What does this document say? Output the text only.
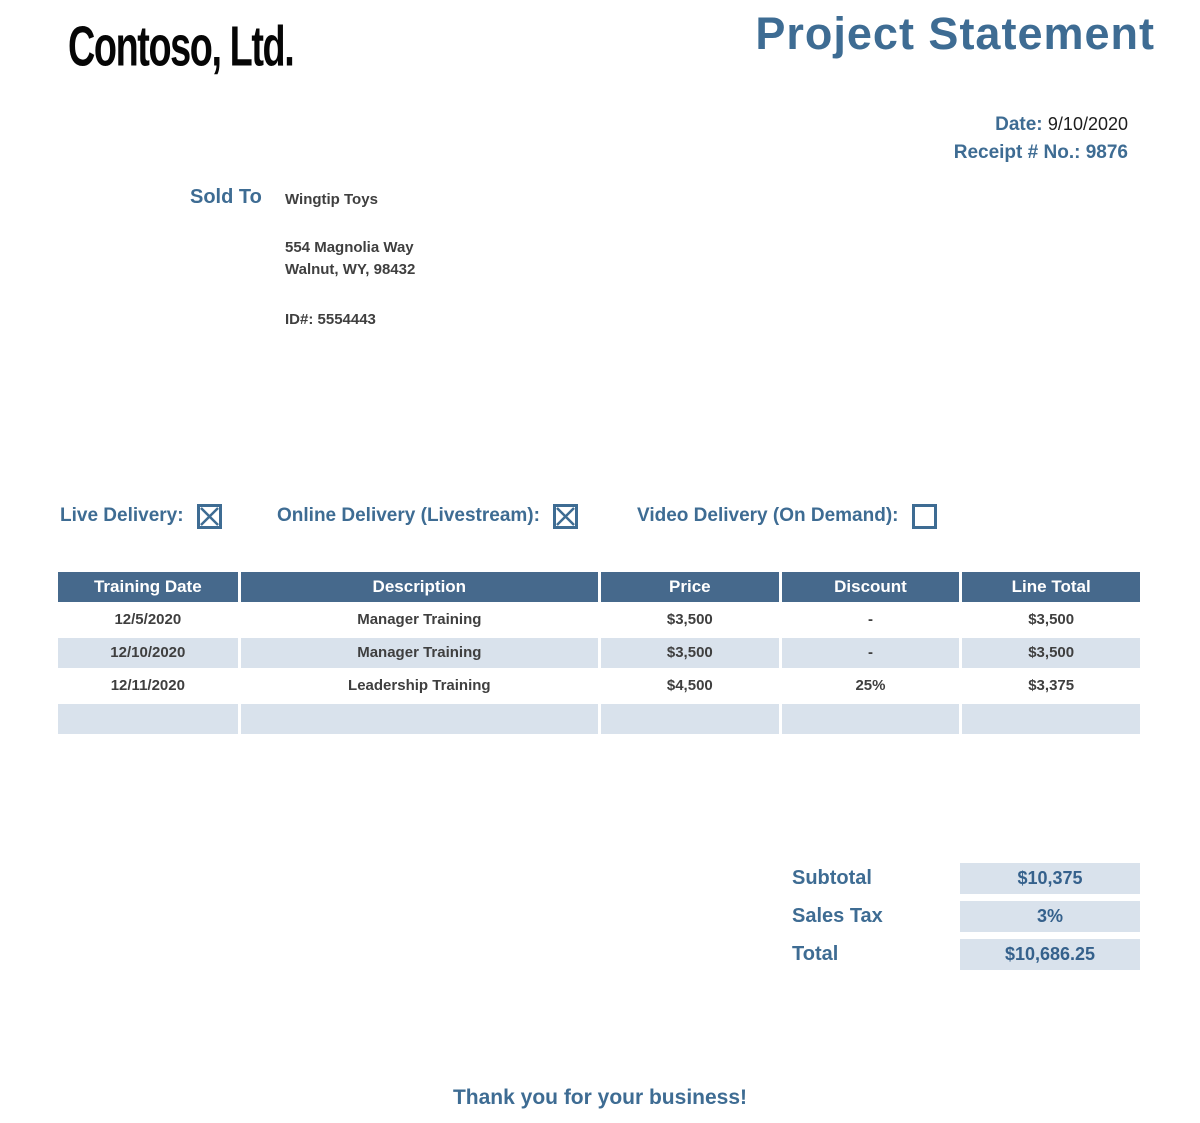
Contoso, Ltd.	Project Statement
Date: 9/10/2020
Receipt # No.: 9876
Sold To Wingtip Toys
554 Magnolia Way
Walnut, WY, 98432
ID#: 5554443
Live Delivery:	Online Delivery (Livestream):	Video Delivery (On Demand):
Training Date	Description	Price	Discount	Line Total
12/5/2020	Manager Training	$3,500	-	$3,500
12/10/2020	Manager Training	$3,500	-	$3,500
12/11/2020	Leadership Training	$4,500	25%	$3,375
Subtotal	$10,375
Sales Tax	3%
Total	$10,686.25
Thank you for your business!
